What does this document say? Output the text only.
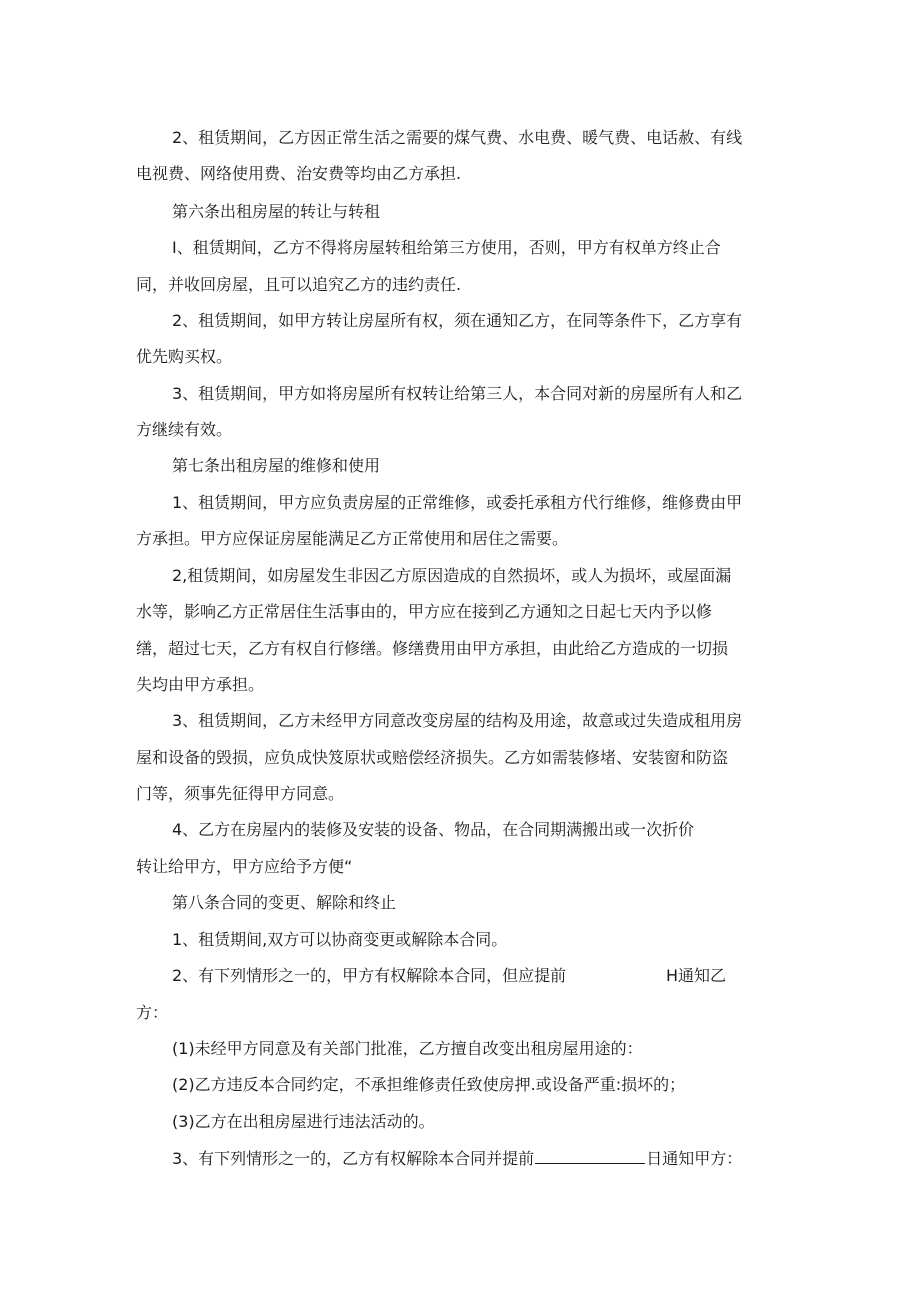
2、租赁期间，乙方因正常生活之需要的煤气费、水电费、暖气费、电话赦、有线
电视费、网络使用费、治安费等均由乙方承担.
第六条出租房屋的转让与转租
I、租赁期间，乙方不得将房屋转租给第三方使用，否则，甲方有权单方终止合
同，并收回房屋，且可以追究乙方的违约责任.
2、租赁期间，如甲方转让房屋所有权，须在通知乙方，在同等条件下，乙方享有
优先购买权。
3、租赁期间，甲方如将房屋所有权转让给第三人，本合同对新的房屋所有人和乙
方继续有效。
第七条出租房屋的维修和使用
1、租赁期间，甲方应负责房屋的正常维修，或委托承租方代行维修，维修费由甲
方承担。甲方应保证房屋能满足乙方正常使用和居住之需要。
2,租赁期间，如房屋发生非因乙方原因造成的自然损坏，或人为损坏，或屋面漏
水等，影响乙方正常居住生活事由的，甲方应在接到乙方通知之日起七天内予以修
缮，超过七天，乙方有权自行修缮。修缮费用由甲方承担，由此给乙方造成的一切损
失均由甲方承担。
3、租赁期间，乙方未经甲方同意改变房屋的结构及用途，故意或过失造成租用房
屋和设备的毁损，应负成快笈原状或赔偿经济损失。乙方如需装修堵、安装窗和防盗
门等，须事先征得甲方同意。
4、乙方在房屋内的装修及安装的设备、物品，在合同期满搬出或一次折价
转让给甲方，甲方应给予方便“
第八条合同的变更、解除和终止
1、租赁期间,双方可以协商变更或解除本合同。
2、有下列情形之一的，甲方有权解除本合同，但应提前	H通知乙
方：
(1)未经甲方同意及有关部门批准，乙方擅自改变出租房屋用途的：
(2)乙方违反本合同约定，不承担维修责任致使房押.或设备严重:损坏的；
(3)乙方在出租房屋进行违法活动的。
3、有下列情形之一的，乙方有权解除本合同并提前	日通知甲方：
